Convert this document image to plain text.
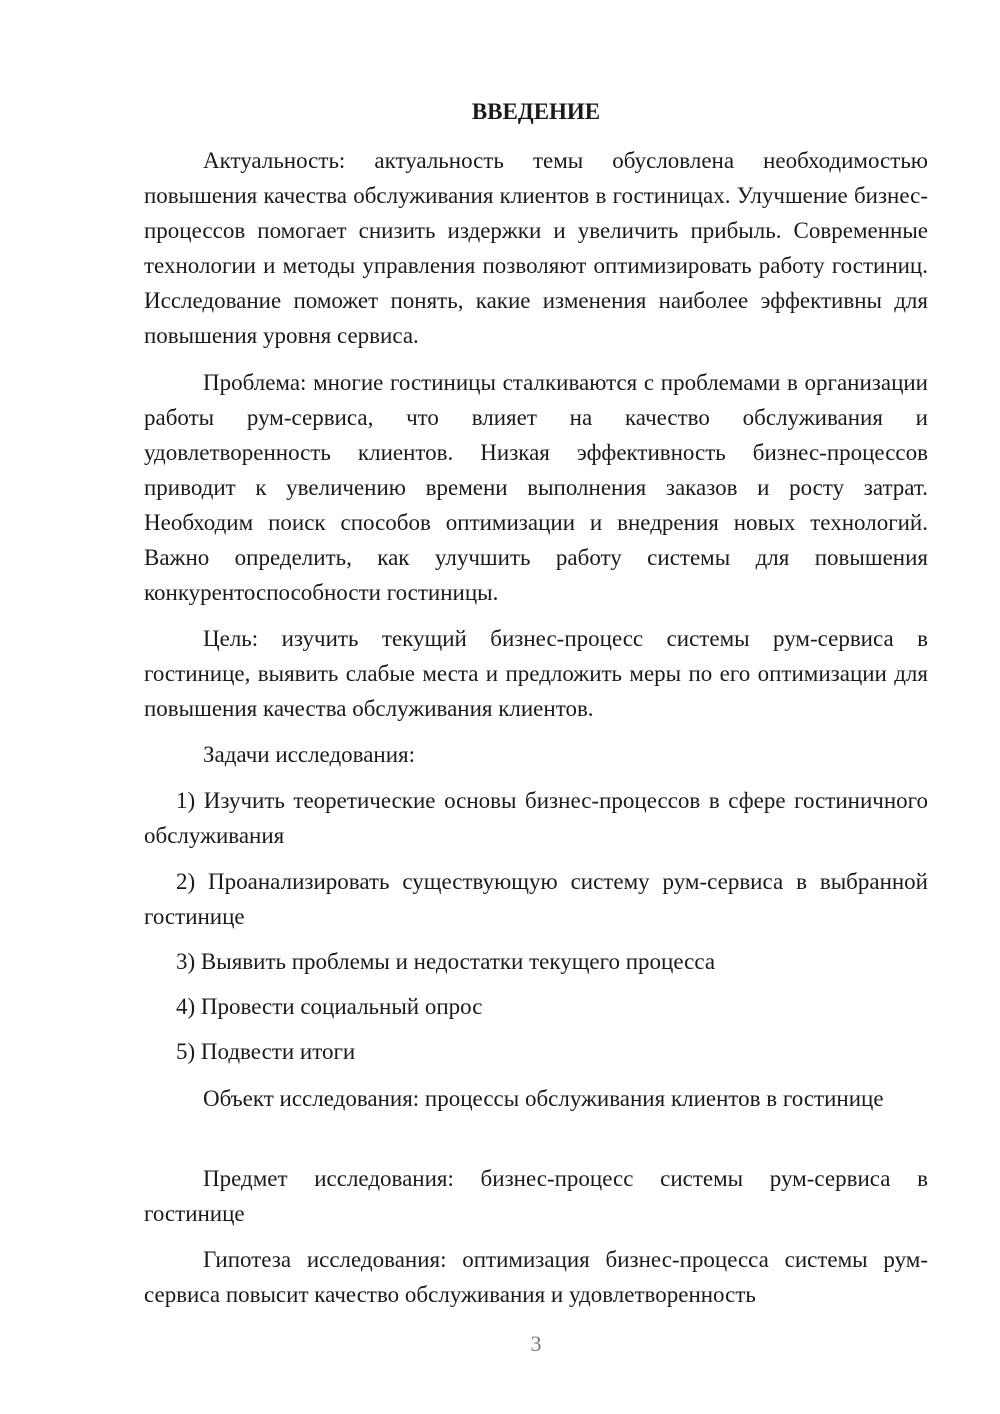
ВВЕДЕНИЕ

Актуальность: актуальность темы обусловлена необходимостью повышения качества обслуживания клиентов в гостиницах. Улучшение бизнес-процессов помогает снизить издержки и увеличить прибыль. Современные технологии и методы управления позволяют оптимизировать работу гостиниц. Исследование поможет понять, какие изменения наиболее эффективны для повышения уровня сервиса.

Проблема: многие гостиницы сталкиваются с проблемами в организации работы рум-сервиса, что влияет на качество обслуживания и удовлетворенность клиентов. Низкая эффективность бизнес-процессов приводит к увеличению времени выполнения заказов и росту затрат. Необходим поиск способов оптимизации и внедрения новых технологий. Важно определить, как улучшить работу системы для повышения конкурентоспособности гостиницы.

Цель: изучить текущий бизнес-процесс системы рум-сервиса в гостинице, выявить слабые места и предложить меры по его оптимизации для повышения качества обслуживания клиентов.

Задачи исследования:

1) Изучить теоретические основы бизнес-процессов в сфере гостиничного обслуживания

2) Проанализировать существующую систему рум-сервиса в выбранной гостинице

3) Выявить проблемы и недостатки текущего процесса

4) Провести социальный опрос

5) Подвести итоги

Объект исследования: процессы обслуживания клиентов в гостинице

Предмет исследования: бизнес-процесс системы рум-сервиса в гостинице

Гипотеза исследования: оптимизация бизнес-процесса системы рум-сервиса повысит качество обслуживания и удовлетворенность

3
